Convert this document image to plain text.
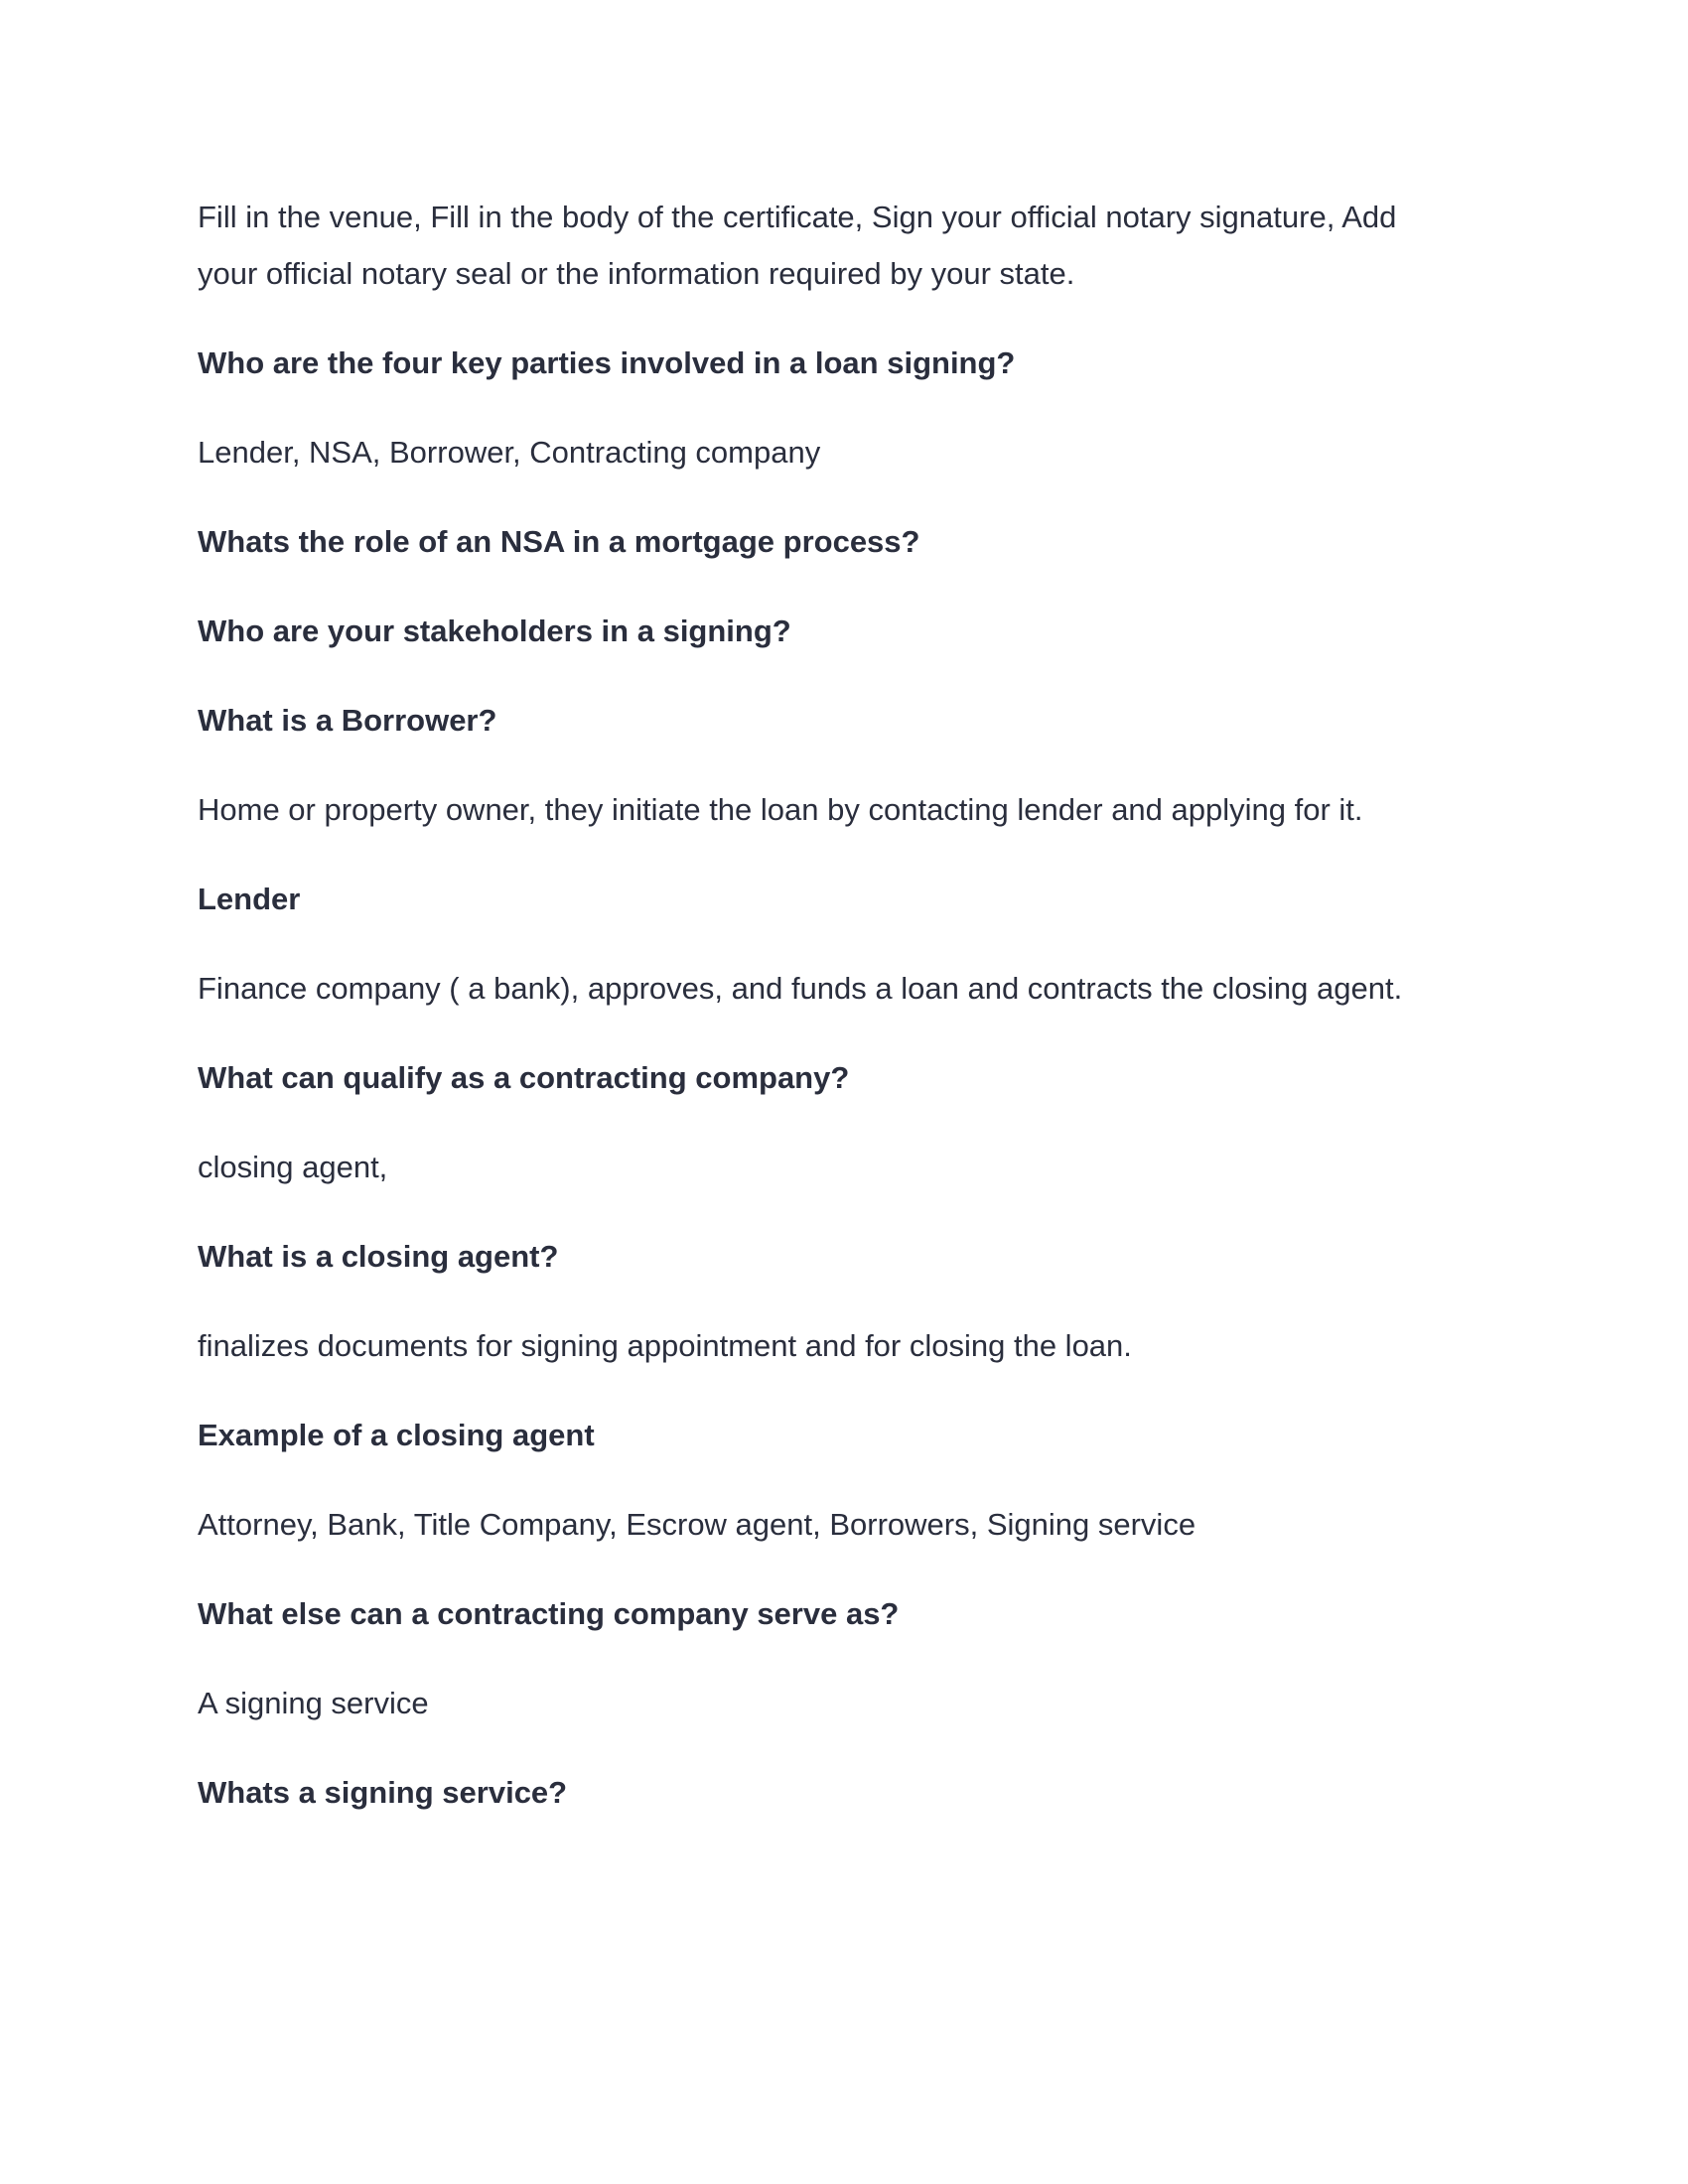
Fill in the venue, Fill in the body of the certificate, Sign your official notary signature, Add your official notary seal or the information required by your state.

Who are the four key parties involved in a loan signing?

Lender, NSA, Borrower, Contracting company

Whats the role of an NSA in a mortgage process?

Who are your stakeholders in a signing?

What is a Borrower?

Home or property owner, they initiate the loan by contacting lender and applying for it.

Lender

Finance company ( a bank), approves, and funds a loan and contracts the closing agent.

What can qualify as a contracting company?

closing agent,

What is a closing agent?

finalizes documents for signing appointment and for closing the loan.

Example of a closing agent

Attorney, Bank, Title Company, Escrow agent, Borrowers, Signing service

What else can a contracting company serve as?

A signing service

Whats a signing service?
